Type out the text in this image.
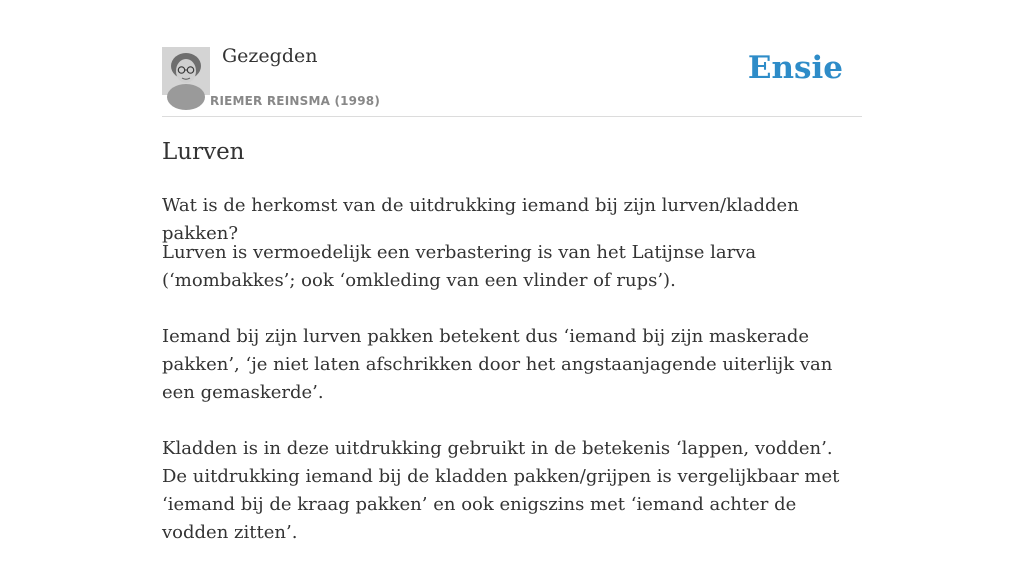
Gezegden
RIEMER REINSMA (1998)
Ensie
Lurven

Wat is de herkomst van de uitdrukking iemand bij zijn lurven/kladden pakken?

Lurven is vermoedelijk een verbastering is van het Latijnse larva (‘mombakkes’; ook ‘omkleding van een vlinder of rups’).

Iemand bij zijn lurven pakken betekent dus ‘iemand bij zijn maskerade pakken’, ‘je niet laten afschrikken door het angstaanjagende uiterlijk van een gemaskerde’.

Kladden is in deze uitdrukking gebruikt in de betekenis ‘lappen, vodden’. De uitdrukking iemand bij de kladden pakken/grijpen is vergelijkbaar met ‘iemand bij de kraag pakken’ en ook enigszins met ‘iemand achter de vodden zitten’.
